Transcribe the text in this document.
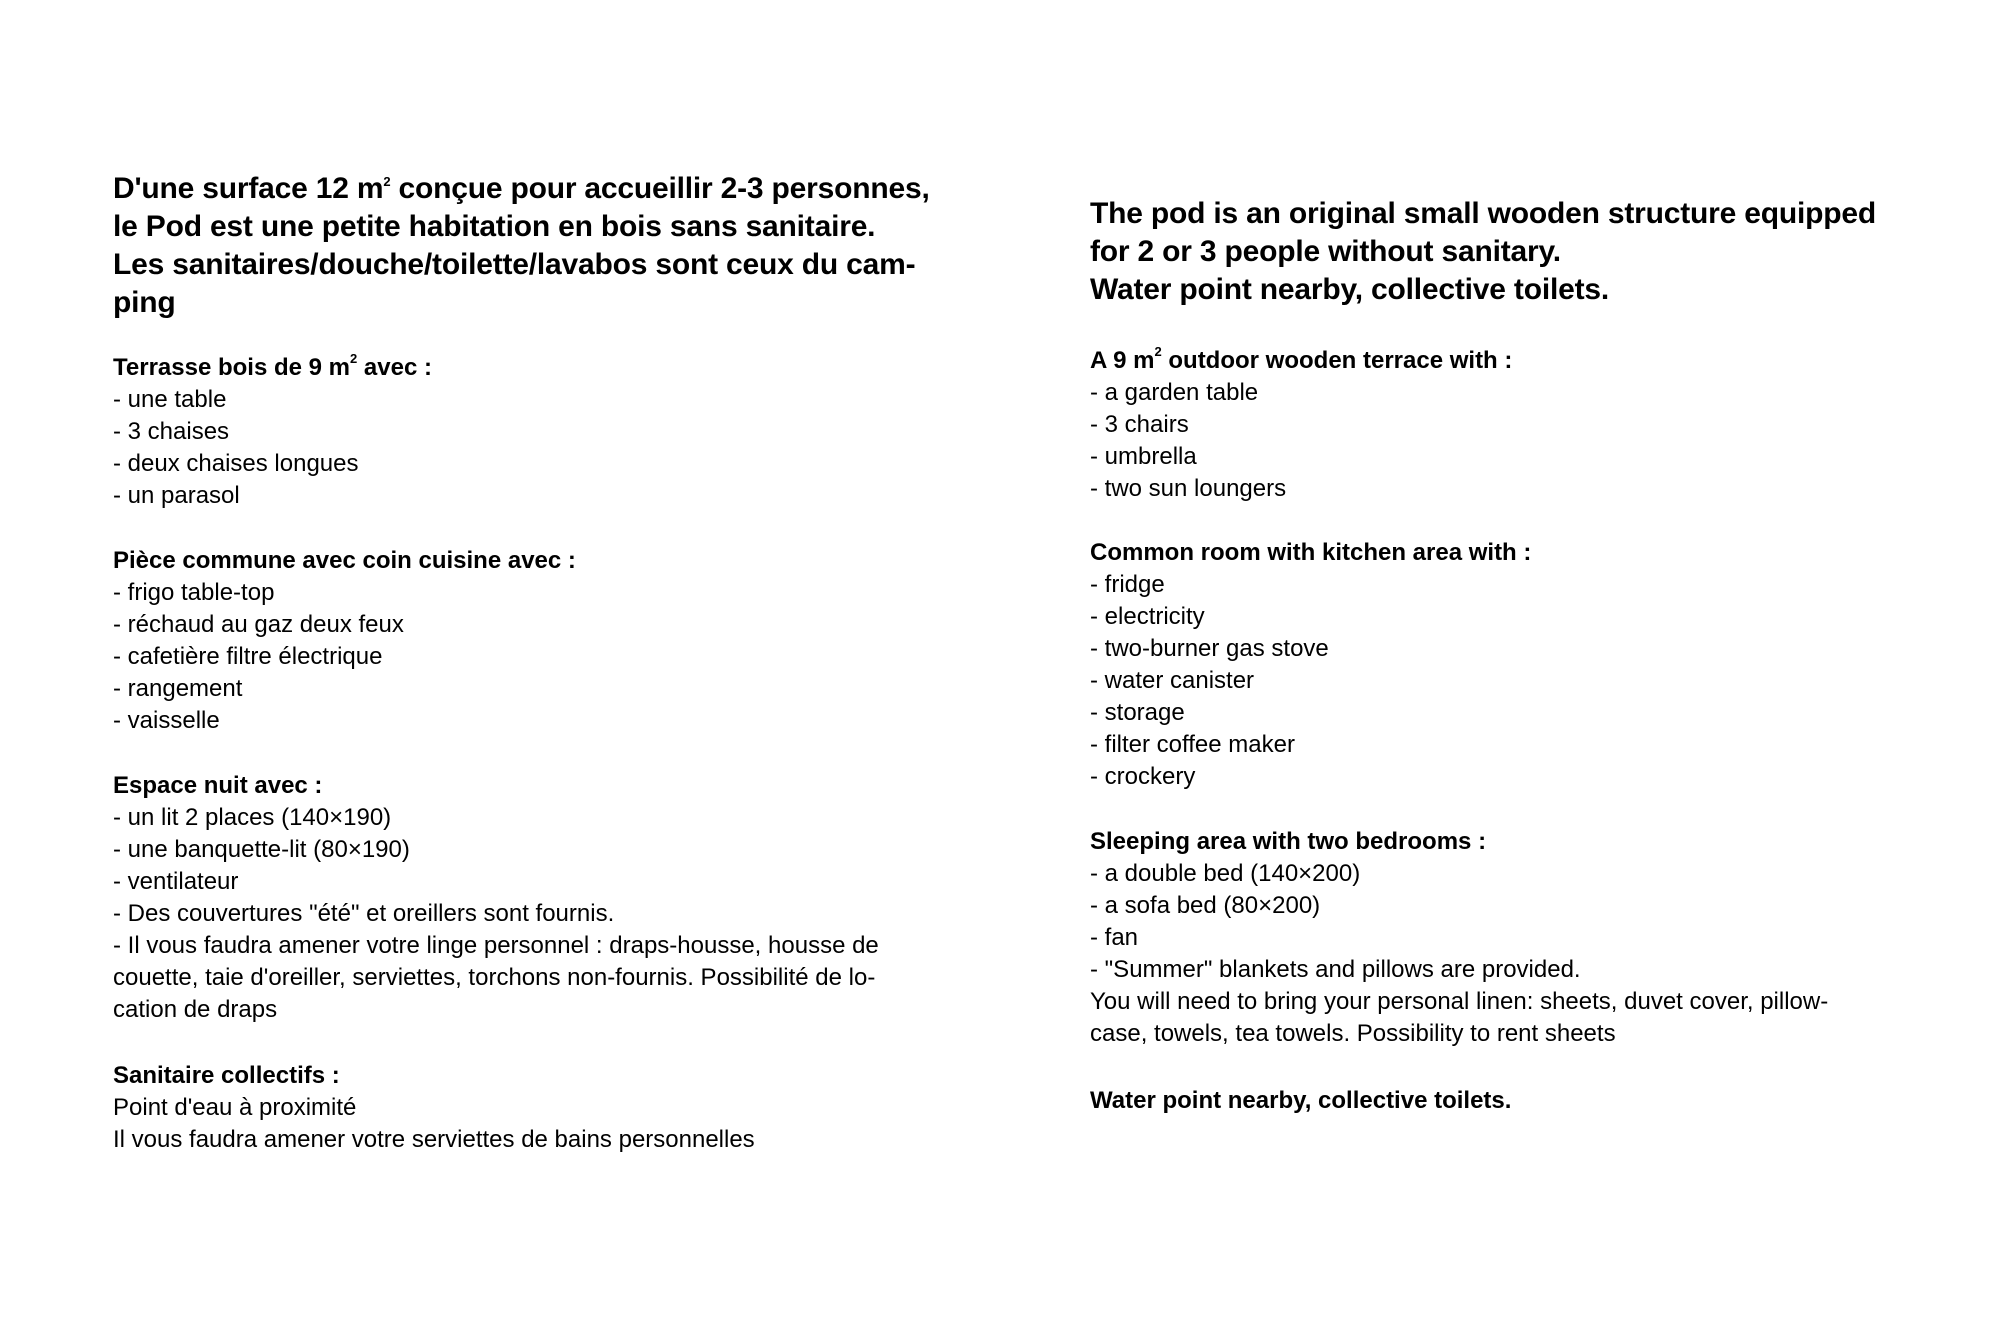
D'une surface 12 $m^2$ conçue pour accueillir 2-3 personnes,
le Pod est une petite habitation en bois sans sanitaire.
Les sanitaires/douche/toilette/lavabos sont ceux du cam-
ping

Terrasse bois de 9 $m^2$ avec :

- une table
- 3 chaises
- deux chaises longues
- un parasol

Pièce commune avec coin cuisine avec :

- frigo table-top
- réchaud au gaz deux feux
- cafetière filtre électrique
- rangement
- vaisselle

Espace nuit avec :

- un lit 2 places (140×190)
- une banquette-lit (80×190)
- ventilateur
- Des couvertures "été" et oreillers sont fournis.

- Il vous faudra amener votre linge personnel : draps-housse, housse de
couette, taie d'oreiller, serviettes, torchons non-fournis. Possibilité de lo-
cation de draps

Sanitaire collectifs :

Point d'eau à proximité
Il vous faudra amener votre serviettes de bains personnelles

The pod is an original small wooden structure equipped
for 2 or 3 people without sanitary.
Water point nearby, collective toilets.

A 9 $m^2$ outdoor wooden terrace with :

- a garden table
- 3 chairs
- umbrella
- two sun loungers

Common room with kitchen area with :

- fridge
- electricity
- two-burner gas stove
- water canister
- storage
- filter coffee maker
- crockery

Sleeping area with two bedrooms :

- a double bed (140×200)
- a sofa bed (80×200)
- fan
- "Summer" blankets and pillows are provided.

You will need to bring your personal linen: sheets, duvet cover, pillow-
case, towels, tea towels. Possibility to rent sheets

Water point nearby, collective toilets.
